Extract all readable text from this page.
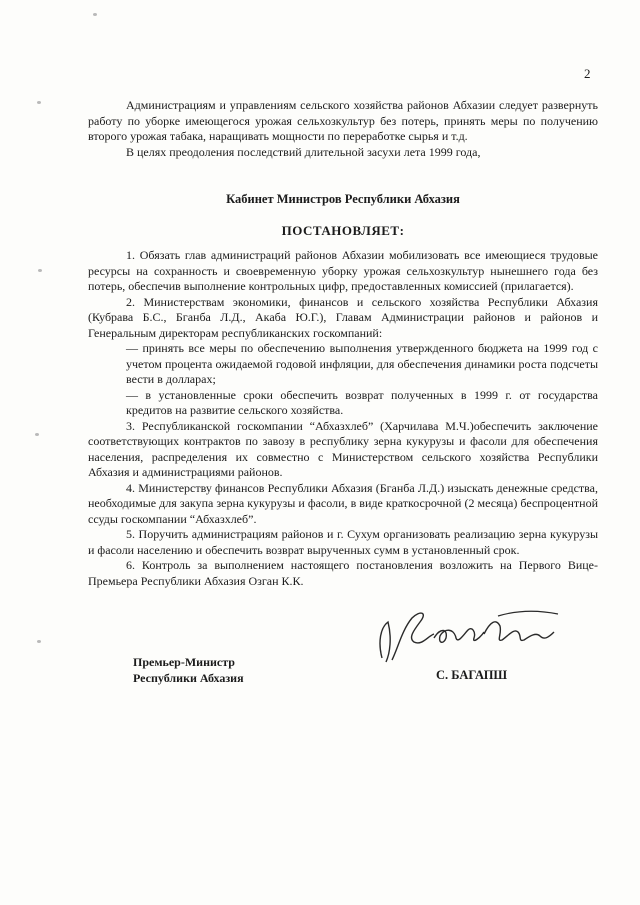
2

Администрациям и управлениям сельского хозяйства районов Абхазии следует развернуть работу по уборке имеющегося урожая сельхозкультур без потерь, принять меры по получению второго урожая табака, наращивать мощности по переработке сырья и т.д.

В целях преодоления последствий длительной засухи лета 1999 года,

Кабинет Министров Республики Абхазия
ПОСТАНОВЛЯЕТ:

1. Обязать глав администраций районов Абхазии мобилизовать все имеющиеся трудовые ресурсы на сохранность и своевременную уборку урожая сельхозкультур нынешнего года без потерь, обеспечив выполнение контрольных цифр, предоставленных комиссией (прилагается).

2. Министерствам экономики, финансов и сельского хозяйства Республики Абхазия (Кубрава Б.С., Бганба Л.Д., Акаба Ю.Г.), Главам Администрации районов и районов и Генеральным директорам республиканских госкомпаний:

— принять все меры по обеспечению выполнения утвержденного бюджета на 1999 год с учетом процента ожидаемой годовой инфляции, для обеспечения динамики роста подсчеты вести в долларах;

— в установленные сроки обеспечить возврат полученных в 1999 г. от государства кредитов на развитие сельского хозяйства.

3. Республиканской госкомпании “Абхазхлеб” (Харчилава М.Ч.)обеспечить заключение соответствующих контрактов по завозу в республику зерна кукурузы и фасоли для обеспечения населения, распределения их совместно с Министерством сельского хозяйства Республики Абхазия и администрациями районов.

4. Министерству финансов Республики Абхазия (Бганба Л.Д.) изыскать денежные средства, необходимые для закупа зерна кукурузы и фасоли, в виде краткосрочной (2 месяца) беспроцентной ссуды госкомпании “Абхазхлеб”.

5. Поручить администрациям районов и г. Сухум организовать реализацию зерна кукурузы и фасоли населению и обеспечить возврат вырученных сумм в установленный срок.

6. Контроль за выполнением настоящего постановления возложить на Первого Вице-Премьера Республики Абхазия Озган К.К.

Премьер-Министр
Республики Абхазия	С. БАГАПШ
